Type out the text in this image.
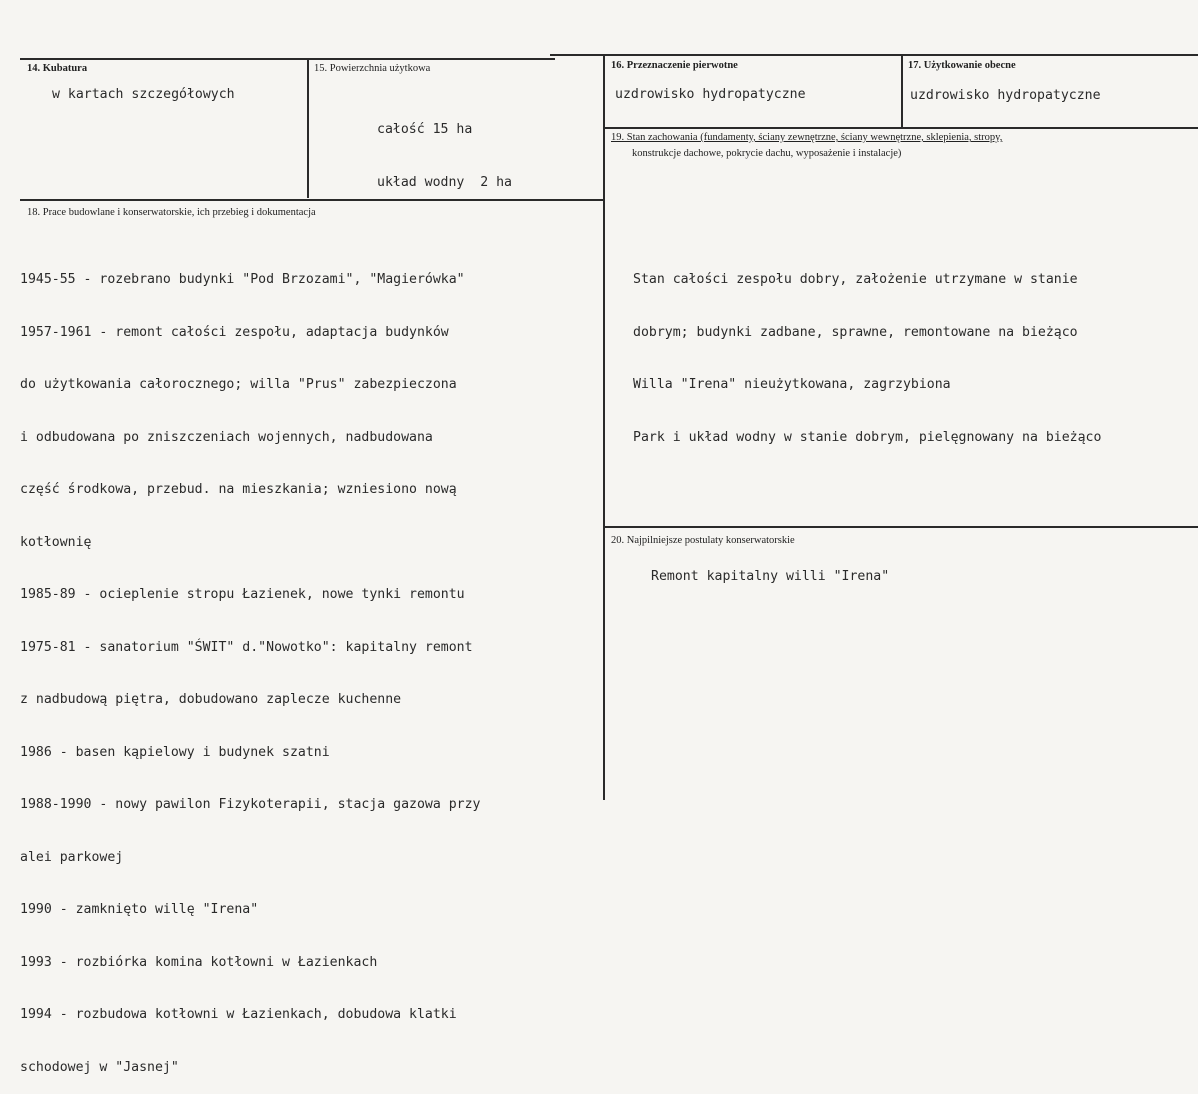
14. Kubatura
w kartach szczegółowych
15. Powierzchnia użytkowa

całość 15 ha

układ wodny  2 ha

16. Przeznaczenie pierwotne
uzdrowisko hydropatyczne
17. Użytkowanie obecne
uzdrowisko hydropatyczne
18. Prace budowlane i konserwatorskie, ich przebieg i dokumentacja

1945-55 - rozebrano budynki "Pod Brzozami", "Magierówka"

1957-1961 - remont całości zespołu, adaptacja budynków

do użytkowania całorocznego; willa "Prus" zabezpieczona

i odbudowana po zniszczeniach wojennych, nadbudowana

część środkowa, przebud. na mieszkania; wzniesiono nową

kotłownię

1985-89 - ocieplenie stropu Łazienek, nowe tynki remontu

1975-81 - sanatorium "ŚWIT" d."Nowotko": kapitalny remont

z nadbudową piętra, dobudowano zaplecze kuchenne

1986 - basen kąpielowy i budynek szatni

1988-1990 - nowy pawilon Fizykoterapii, stacja gazowa przy

alei parkowej

1990 - zamknięto willę "Irena"

1993 - rozbiórka komina kotłowni w Łazienkach

1994 - rozbudowa kotłowni w Łazienkach, dobudowa klatki

schodowej w "Jasnej"

19. Stan zachowania (fundamenty, ściany zewnętrzne, ściany wewnętrzne, sklepienia, stropy,
konstrukcje dachowe, pokrycie dachu, wyposażenie i instalacje)

Stan całości zespołu dobry, założenie utrzymane w stanie

dobrym; budynki zadbane, sprawne, remontowane na bieżąco

Willa "Irena" nieużytkowana, zagrzybiona

Park i układ wodny w stanie dobrym, pielęgnowany na bieżąco

20. Najpilniejsze postulaty konserwatorskie
Remont kapitalny willi "Irena"
